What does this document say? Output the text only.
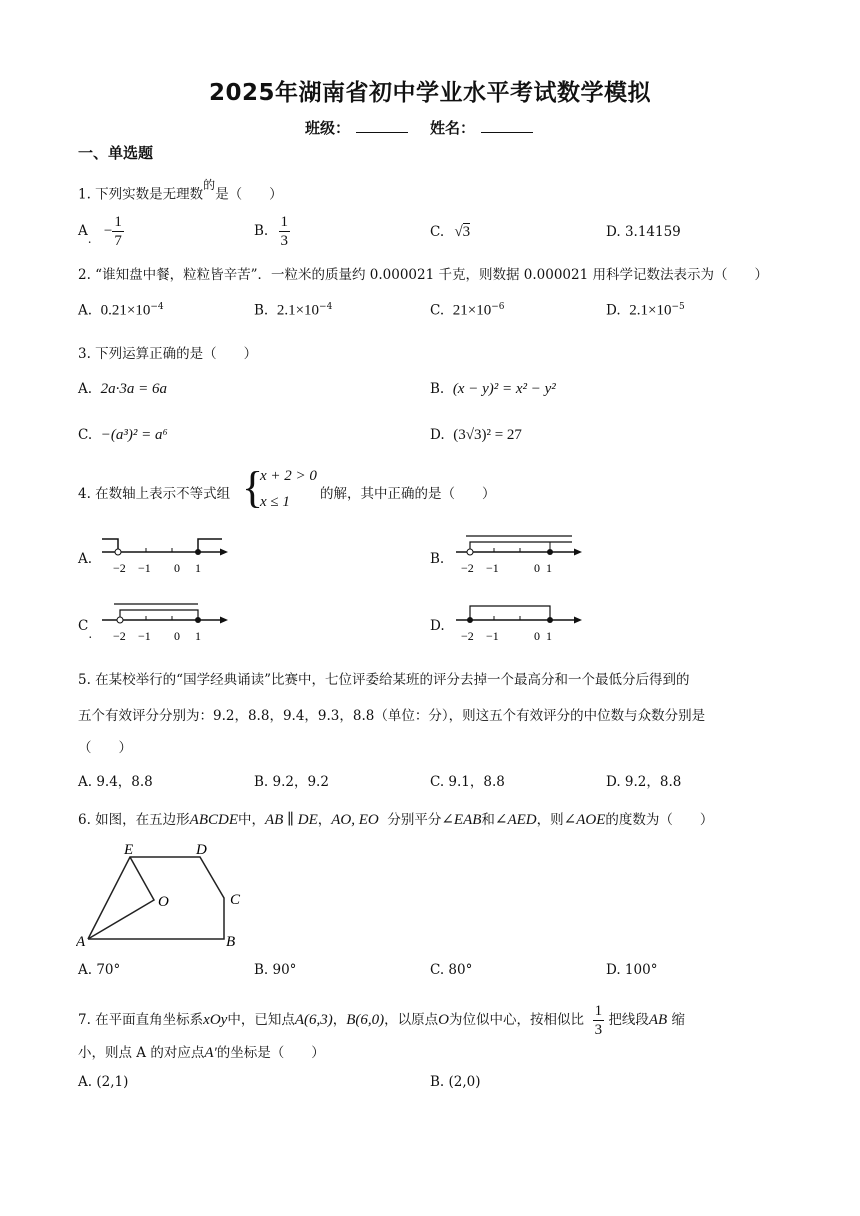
2025年湖南省初中学业水平考试数学模拟
班级：	姓名：
一、单选题
1. 下列实数是无理数$^的$是（　　）
A. − $\frac{1}{7}$	B. $\frac{1}{3}$	C. √3	D. 3.14159
2. “谁知盘中餐，粒粒皆辛苦”．一粒米的质量约 0.000021 千克，则数据 0.000021 用科学记数法表示为（　　）
A. $0.21\times 10^{-4}$	B. $2.1\times 10^{-4}$	C. $21\times 10^{-6}$	D. $2.1\times 10^{-5}$
3. 下列运算正确的是（　　）
A. 2a·3a = 6a	B. (x − y)² = x² − y²
C. −(a³)² = a⁶	D. (3√3)² = 27
4. 在数轴上表示不等式组 {
x + 2 > 0
x ≤ 1 的解，其中正确的是（　　）
A.
−2 −1 0 1
B.
−2 −1	0 1
C. −2 −1 0 1
D.
−2 −1	0 1
5. 在某校举行的“国学经典诵读”比赛中，七位评委给某班的评分去掉一个最高分和一个最低分后得到的
五个有效评分分别为：9.2，8.8，9.4，9.3，8.8（单位：分），则这五个有效评分的中位数与众数分别是
（　　）
A. 9.4，8.8	B. 9.2，9.2	C. 9.1，8.8	D. 9.2，8.8
6. 如图，在五边形ABCDE中，AB ∥ DE，AO, EO 分别平分∠EAB和∠AED，则∠AOE的度数为（　　）
E	D
O	C
A	B
A. 70°	B. 90°	C. 80°	D. 100°
7. 在平面直角坐标系xOy中，已知点A(6,3)，B(6,0)，以原点O为位似中心，按相似比 $\frac{1}{3}$ 把线段AB 缩
小，则点 A 的对应点A′的坐标是（　　）
A. (2,1)	B. (2,0)
